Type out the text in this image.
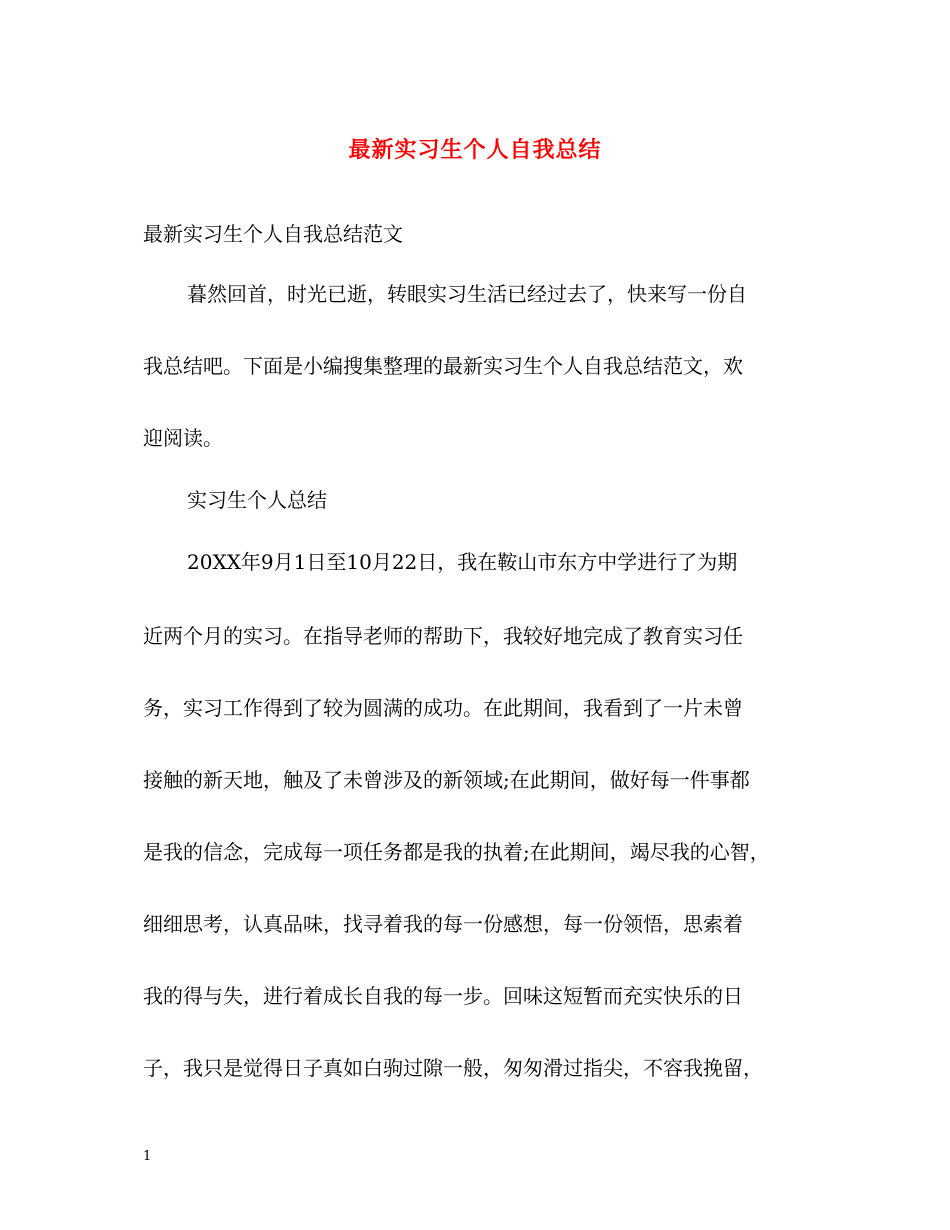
最新实习生个人自我总结
最新实习生个人自我总结范文
暮然回首，时光已逝，转眼实习生活已经过去了，快来写一份自
我总结吧。下面是小编搜集整理的最新实习生个人自我总结范文，欢
迎阅读。
实习生个人总结
20XX年9月1日至10月22日，我在鞍山市东方中学进行了为期
近两个月的实习。在指导老师的帮助下，我较好地完成了教育实习任
务，实习工作得到了较为圆满的成功。在此期间，我看到了一片未曾
接触的新天地，触及了未曾涉及的新领域;在此期间，做好每一件事都
是我的信念，完成每一项任务都是我的执着;在此期间，竭尽我的心智，
细细思考，认真品味，找寻着我的每一份感想，每一份领悟，思索着
我的得与失，进行着成长自我的每一步。回味这短暂而充实快乐的日
子，我只是觉得日子真如白驹过隙一般，匆匆滑过指尖，不容我挽留，
1
